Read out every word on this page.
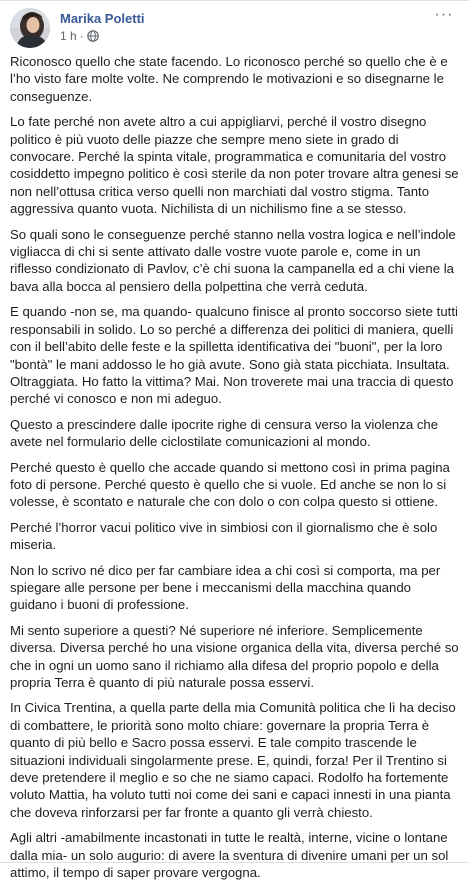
Marika Poletti
1 h ·
···

Riconosco quello che state facendo. Lo riconosco perché so quello che è e l’ho visto fare molte volte. Ne comprendo le motivazioni e so disegnarne le conseguenze.

Lo fate perché non avete altro a cui appigliarvi, perché il vostro disegno politico è più vuoto delle piazze che sempre meno siete in grado di convocare. Perché la spinta vitale, programmatica e comunitaria del vostro cosiddetto impegno politico è così sterile da non poter trovare altra genesi se non nell’ottusa critica verso quelli non marchiati dal vostro stigma. Tanto aggressiva quanto vuota. Nichilista di un nichilismo fine a se stesso.

So quali sono le conseguenze perché stanno nella vostra logica e nell’indole vigliacca di chi si sente attivato dalle vostre vuote parole e, come in un riflesso condizionato di Pavlov, c’è chi suona la campanella ed a chi viene la bava alla bocca al pensiero della polpettina che verrà ceduta.

E quando -non se, ma quando- qualcuno finisce al pronto soccorso siete tutti responsabili in solido. Lo so perché a differenza dei politici di maniera, quelli con il bell’abito delle feste e la spilletta identificativa dei "buoni", per la loro "bontà" le mani addosso le ho già avute. Sono già stata picchiata. Insultata. Oltraggiata. Ho fatto la vittima? Mai. Non troverete mai una traccia di questo perché vi conosco e non mi adeguo.

Questo a prescindere dalle ipocrite righe di censura verso la violenza che avete nel formulario delle ciclostilate comunicazioni al mondo.

Perché questo è quello che accade quando si mettono così in prima pagina foto di persone. Perché questo è quello che si vuole. Ed anche se non lo si volesse, è scontato e naturale che con dolo o con colpa questo si ottiene.

Perché l’horror vacui politico vive in simbiosi con il giornalismo che è solo miseria.

Non lo scrivo né dico per far cambiare idea a chi così si comporta, ma per spiegare alle persone per bene i meccanismi della macchina quando guidano i buoni di professione.

Mi sento superiore a questi? Né superiore né inferiore. Semplicemente diversa. Diversa perché ho una visione organica della vita, diversa perché so che in ogni un uomo sano il richiamo alla difesa del proprio popolo e della propria Terra è quanto di più naturale possa esservi.

In Civica Trentina, a quella parte della mia Comunità politica che lì ha deciso di combattere, le priorità sono molto chiare: governare la propria Terra è quanto di più bello e Sacro possa esservi. E tale compito trascende le situazioni individuali singolarmente prese. E, quindi, forza! Per il Trentino si deve pretendere il meglio e so che ne siamo capaci. Rodolfo ha fortemente voluto Mattia, ha voluto tutti noi come dei sani e capaci innesti in una pianta che doveva rinforzarsi per far fronte a quanto gli verrà chiesto.

Agli altri -amabilmente incastonati in tutte le realtà, interne, vicine o lontane dalla mia- un solo augurio: di avere la sventura di divenire umani per un sol attimo, il tempo di saper provare vergogna.
